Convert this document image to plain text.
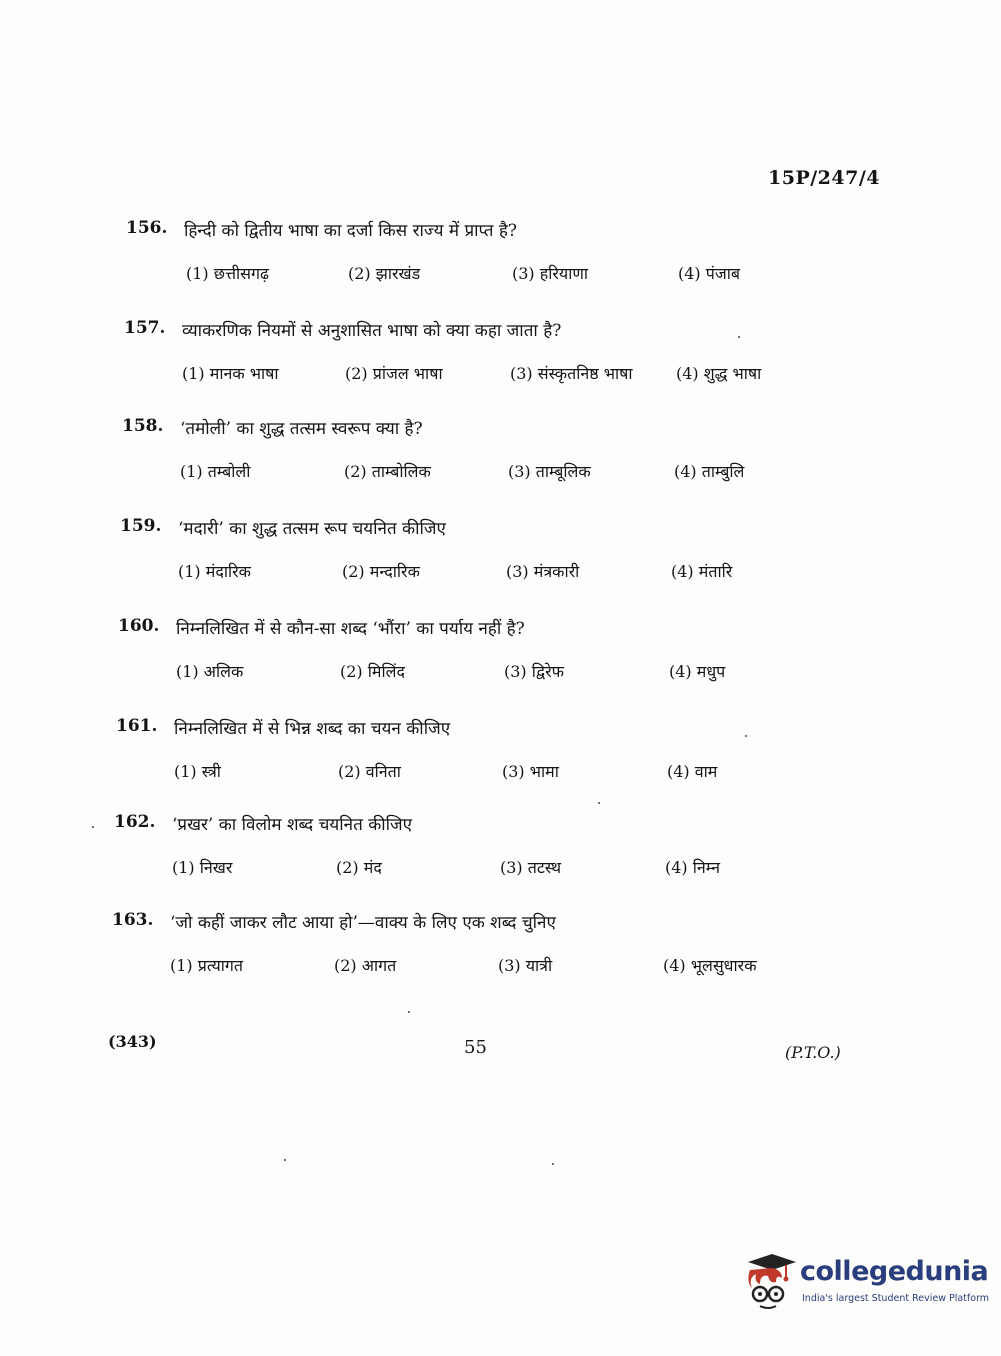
15P/247/4
156. हिन्दी को द्वितीय भाषा का दर्जा किस राज्य में प्राप्त है?
(1) छत्तीसगढ़	(2) झारखंड	(3) हरियाणा	(4) पंजाब
157. व्याकरणिक नियमों से अनुशासित भाषा को क्या कहा जाता है?
(1) मानक भाषा	(2) प्रांजल भाषा	(3) संस्कृतनिष्ठ भाषा	(4) शुद्ध भाषा
158. ‘तमोली’ का शुद्ध तत्सम स्वरूप क्या है?
(1) तम्बोली	(2) ताम्बोलिक	(3) ताम्बूलिक	(4) ताम्बुलि
159. ‘मदारी’ का शुद्ध तत्सम रूप चयनित कीजिए
(1) मंदारिक	(2) मन्दारिक	(3) मंत्रकारी	(4) मंतारि
160. निम्नलिखित में से कौन-सा शब्द ‘भौंरा’ का पर्याय नहीं है?
(1) अलिक	(2) मिलिंद	(3) द्विरेफ	(4) मधुप
161. निम्नलिखित में से भिन्न शब्द का चयन कीजिए
(1) स्त्री	(2) वनिता	(3) भामा	(4) वाम
162. ‘प्रखर’ का विलोम शब्द चयनित कीजिए
(1) निखर	(2) मंद	(3) तटस्थ	(4) निम्न
163. ‘जो कहीं जाकर लौट आया हो’—वाक्य के लिए एक शब्द चुनिए
(1) प्रत्यागत	(2) आगत	(3) यात्री	(4) भूलसुधारक
(343)	55	(P.T.O.)
collegedunia
India's largest Student Review Platform
